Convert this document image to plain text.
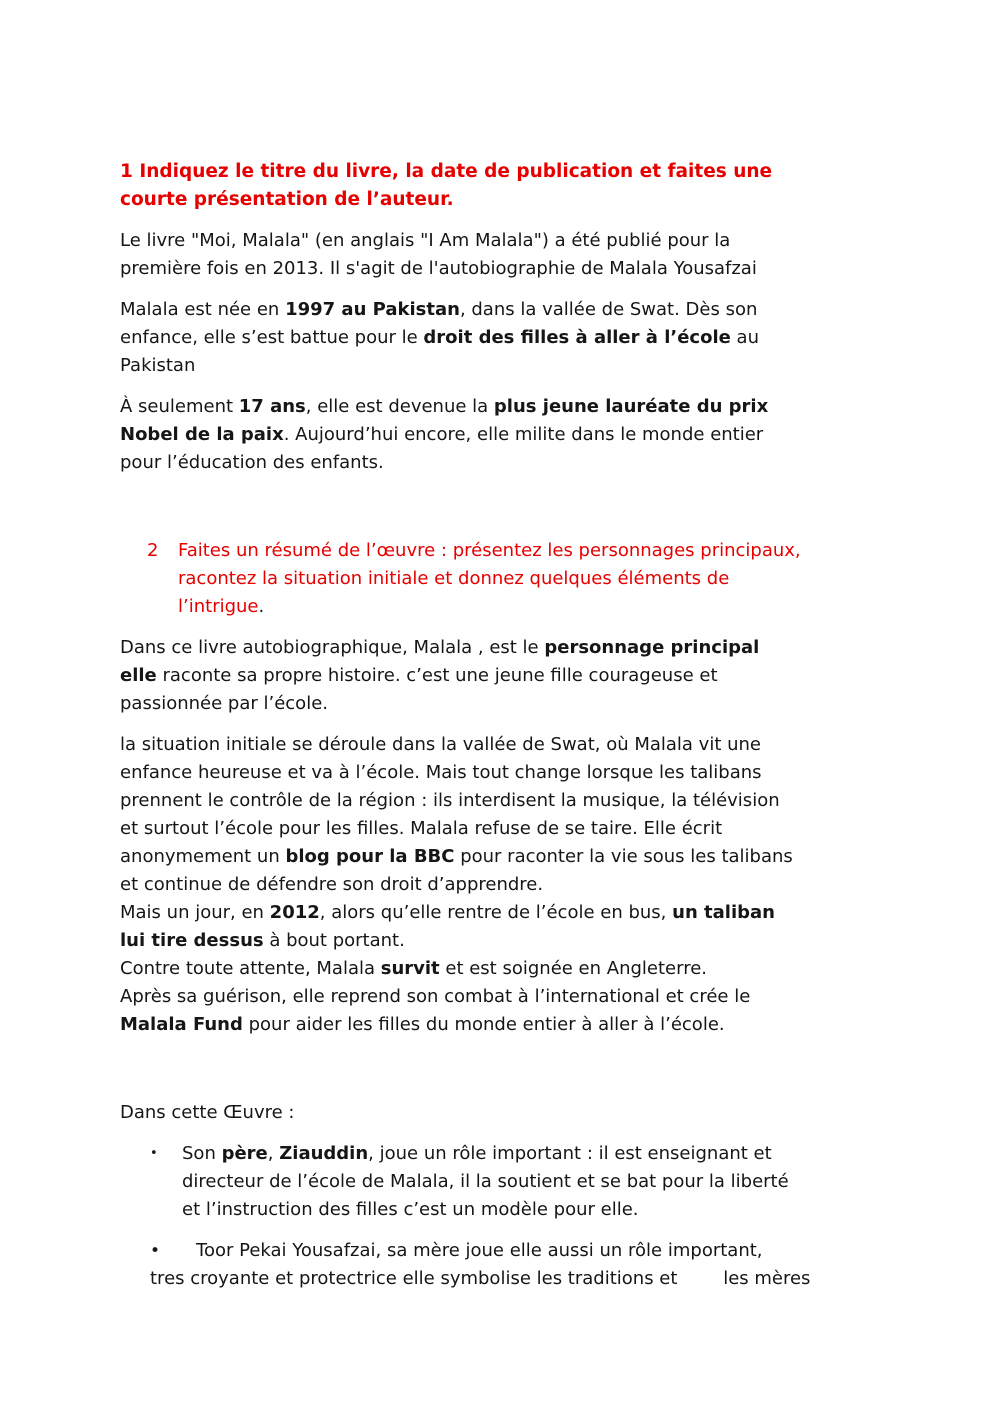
1 Indiquez le titre du livre, la date de publication et faites une
courte présentation de l’auteur.
Le livre "Moi, Malala" (en anglais "I Am Malala") a été publié pour la
première fois en 2013. Il s'agit de l'autobiographie de Malala Yousafzai
Malala est née en 1997 au Pakistan, dans la vallée de Swat. Dès son
enfance, elle s’est battue pour le droit des filles à aller à l’école au
Pakistan
À seulement 17 ans, elle est devenue la plus jeune lauréate du prix
Nobel de la paix. Aujourd’hui encore, elle milite dans le monde entier
pour l’éducation des enfants.
2	Faites un résumé de l’œuvre : présentez les personnages principaux,
racontez la situation initiale et donnez quelques éléments de
l’intrigue.
Dans ce livre autobiographique, Malala , est le personnage principal
elle raconte sa propre histoire. c’est une jeune fille courageuse et
passionnée par l’école.
la situation initiale se déroule dans la vallée de Swat, où Malala vit une
enfance heureuse et va à l’école. Mais tout change lorsque les talibans
prennent le contrôle de la région : ils interdisent la musique, la télévision
et surtout l’école pour les filles. Malala refuse de se taire. Elle écrit
anonymement un blog pour la BBC pour raconter la vie sous les talibans
et continue de défendre son droit d’apprendre.
Mais un jour, en 2012, alors qu’elle rentre de l’école en bus, un taliban
lui tire dessus à bout portant.
Contre toute attente, Malala survit et est soignée en Angleterre.
Après sa guérison, elle reprend son combat à l’international et crée le
Malala Fund pour aider les filles du monde entier à aller à l’école.
Dans cette Œuvre :
•	Son père, Ziauddin, joue un rôle important : il est enseignant et
directeur de l’école de Malala, il la soutient et se bat pour la liberté
et l’instruction des filles c’est un modèle pour elle.
• Toor Pekai Yousafzai, sa mère joue elle aussi un rôle important,
tres croyante et protectrice elle symbolise les traditions et        les mères
